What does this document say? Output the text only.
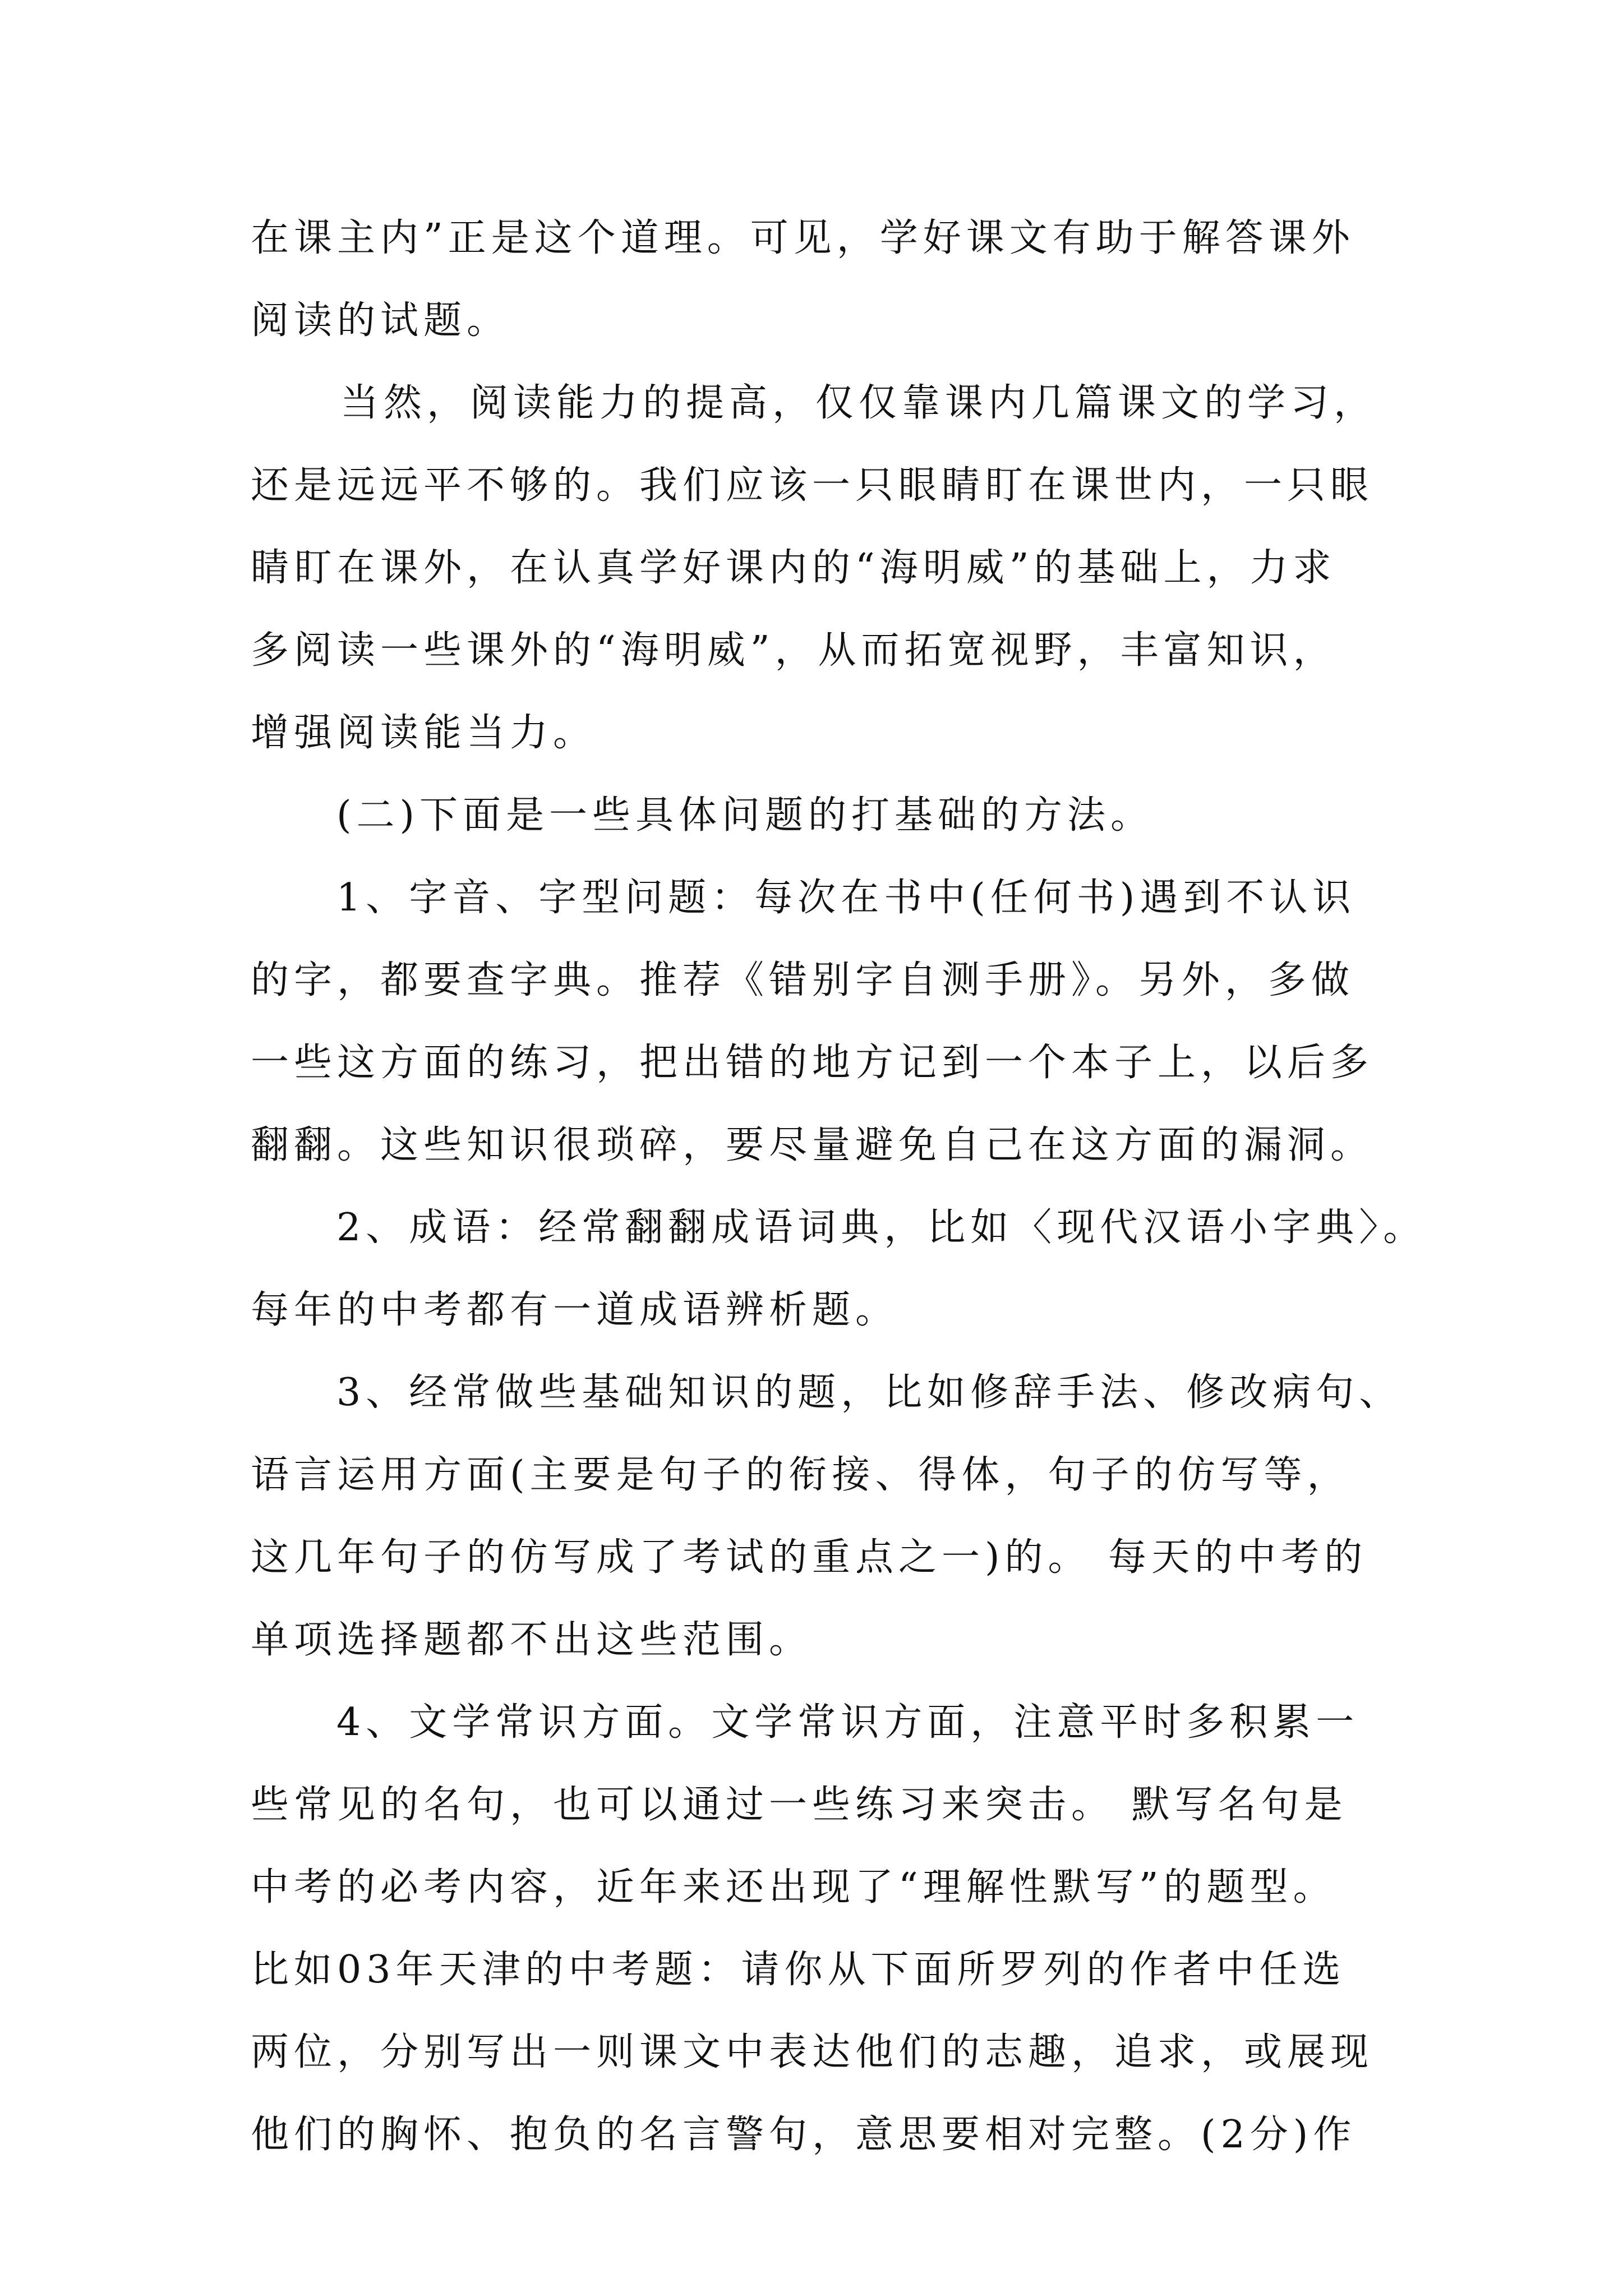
在课主内”正是这个道理。可见，学好课文有助于解答课外
阅读的试题。
当然，阅读能力的提高，仅仅靠课内几篇课文的学习，
还是远远平不够的。我们应该一只眼睛盯在课世内，一只眼
睛盯在课外，在认真学好课内的“海明威”的基础上，力求
多阅读一些课外的“海明威”，从而拓宽视野，丰富知识，
增强阅读能当力。
(二)下面是一些具体问题的打基础的方法。
1、字音、字型问题：每次在书中(任何书)遇到不认识
的字，都要查字典。推荐《错别字自测手册》。另外，多做
一些这方面的练习，把出错的地方记到一个本子上，以后多
翻翻。这些知识很琐碎，要尽量避免自己在这方面的漏洞。
2、成语：经常翻翻成语词典，比如〈现代汉语小字典〉。
每年的中考都有一道成语辨析题。
3、经常做些基础知识的题，比如修辞手法、修改病句、
语言运用方面(主要是句子的衔接、得体，句子的仿写等，
这几年句子的仿写成了考试的重点之一)的。 每天的中考的
单项选择题都不出这些范围。
4、文学常识方面。文学常识方面，注意平时多积累一
些常见的名句，也可以通过一些练习来突击。 默写名句是
中考的必考内容，近年来还出现了“理解性默写”的题型。
比如03年天津的中考题：请你从下面所罗列的作者中任选
两位，分别写出一则课文中表达他们的志趣，追求，或展现
他们的胸怀、抱负的名言警句，意思要相对完整。(2分)作
